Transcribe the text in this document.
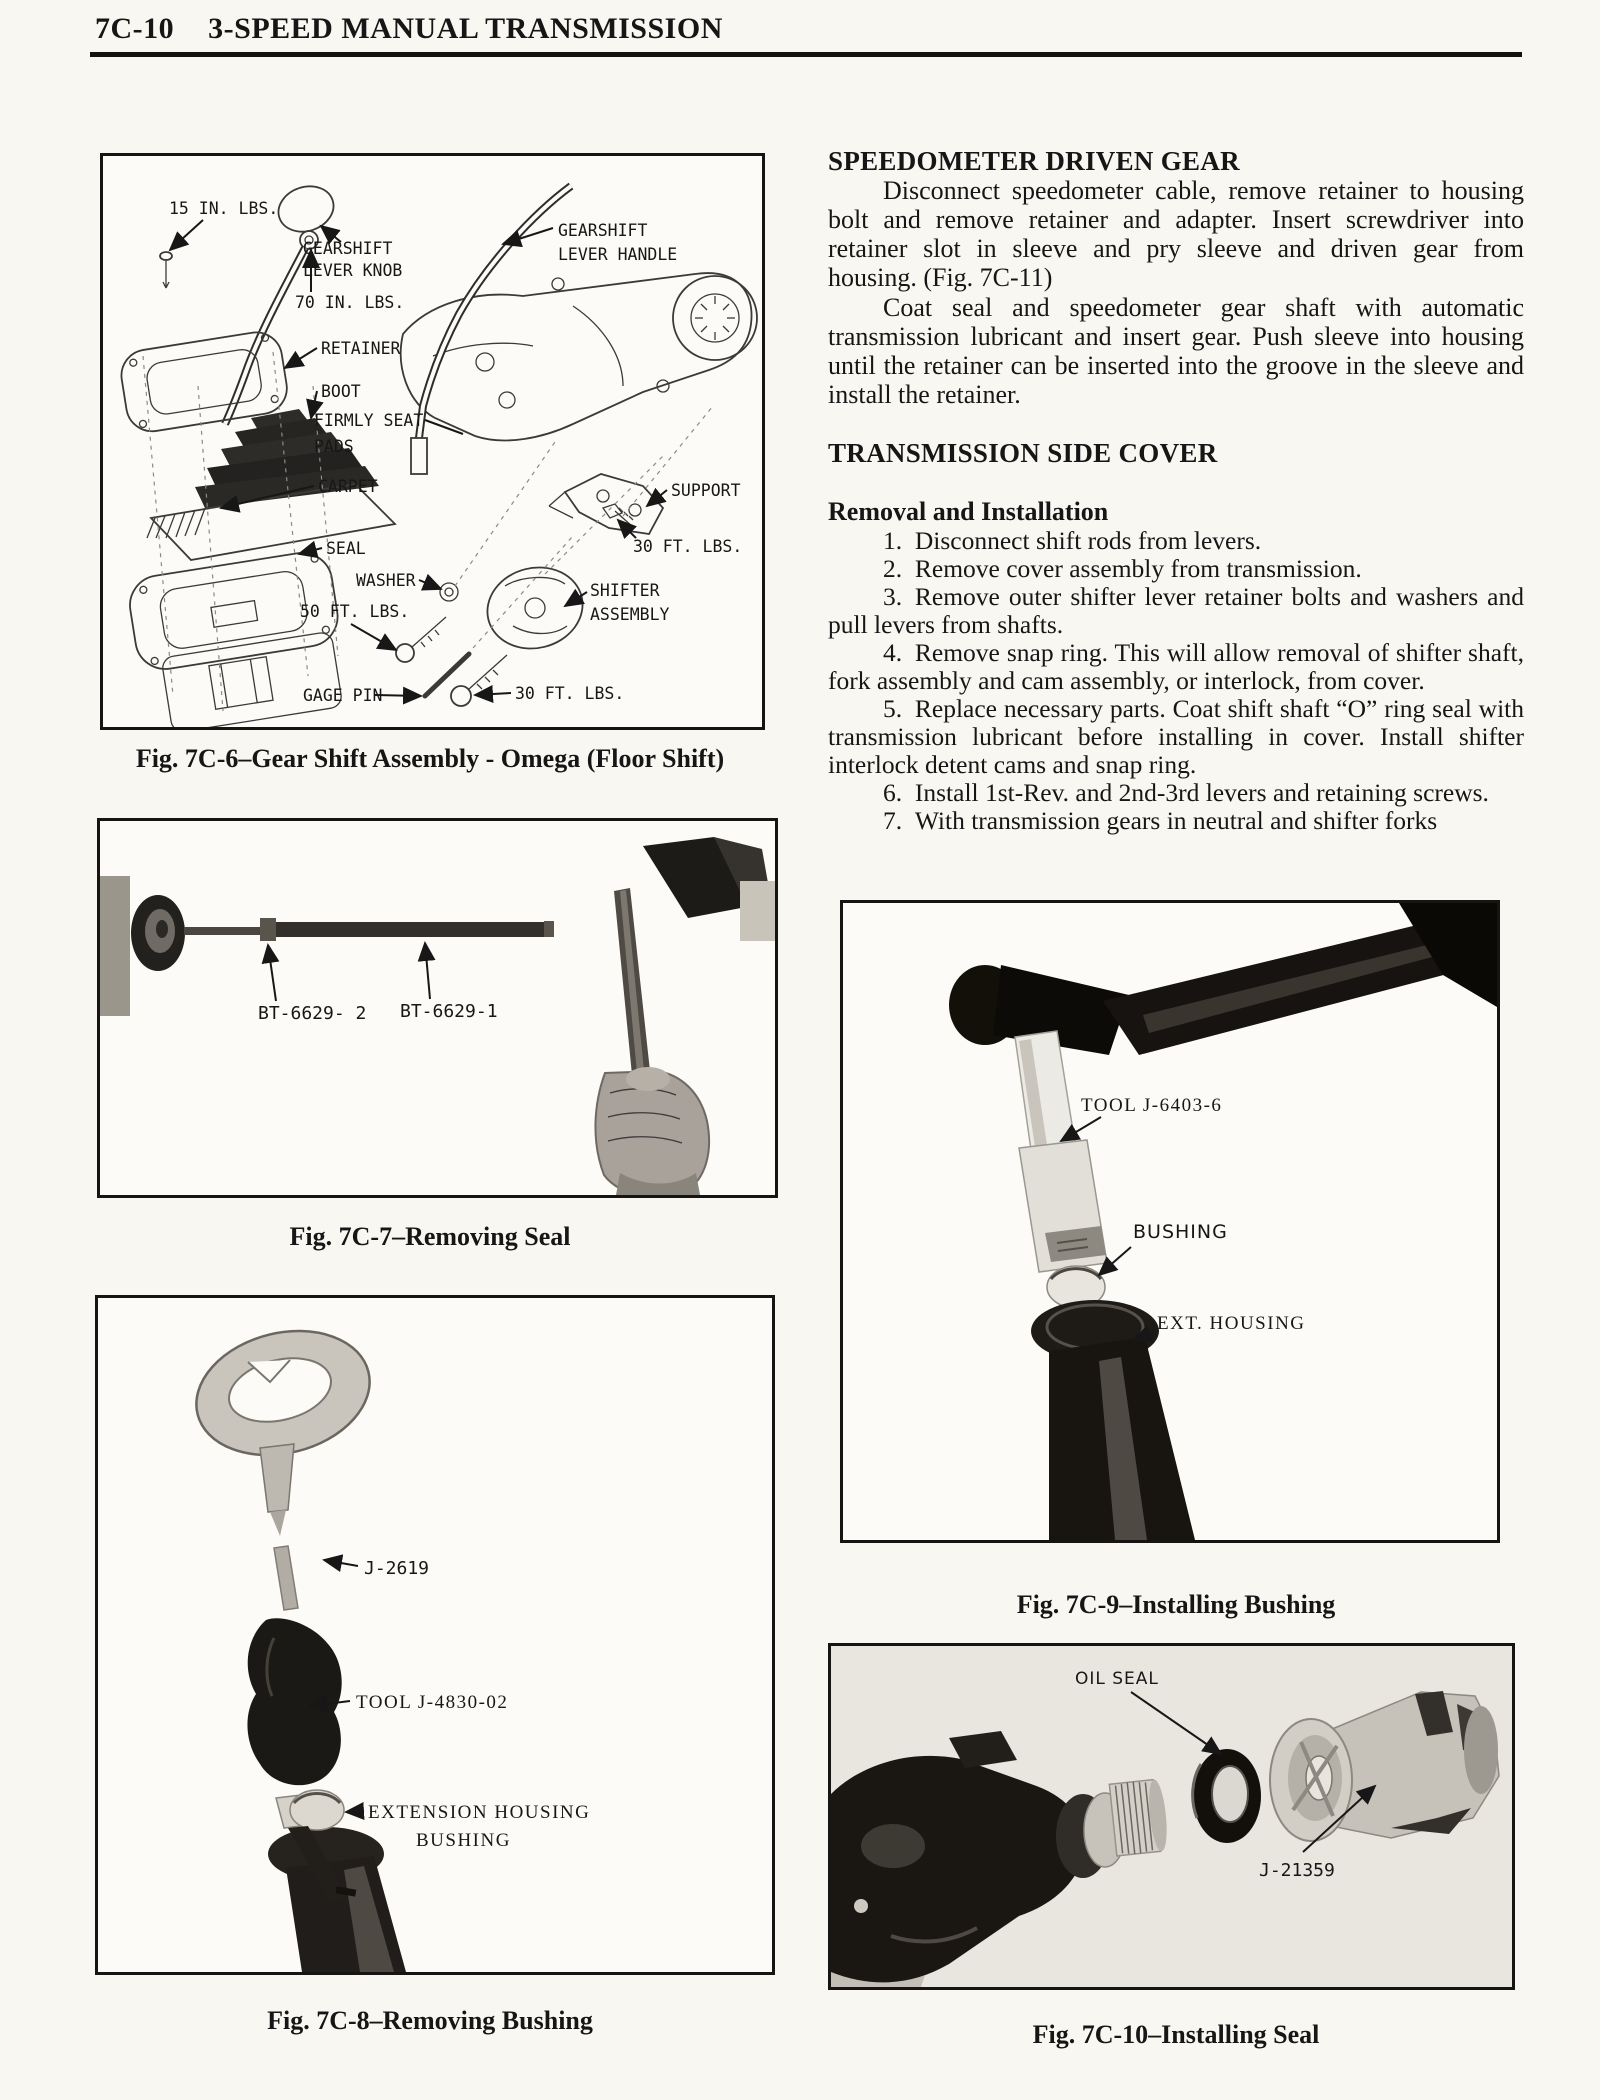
7C-10 3-SPEED MANUAL TRANSMISSION
15 IN. LBS.
GEARSHIFT
LEVER KNOB
70 IN. LBS.
RETAINER
BOOT
FIRMLY SEAT
PADS
CARPET
SEAL
WASHER
50 FT. LBS.
GAGE PIN
GEARSHIFT
LEVER HANDLE
SUPPORT
30 FT. LBS.
SHIFTER
ASSEMBLY
30 FT. LBS.
Fig. 7C-6–Gear Shift Assembly - Omega (Floor Shift)
BT-6629- 2 BT-6629-1
Fig. 7C-7–Removing Seal
J-2619
TOOL J-4830-02
EXTENSION HOUSING
BUSHING
Fig. 7C-8–Removing Bushing
SPEEDOMETER DRIVEN GEAR

Disconnect speedometer cable, remove retainer to housing bolt and remove retainer and adapter. Insert screwdriver into retainer slot in sleeve and pry sleeve and driven gear from housing. (Fig. 7C-11)

Coat seal and speedometer gear shaft with automatic transmission lubricant and insert gear. Push sleeve into housing until the retainer can be inserted into the groove in the sleeve and install the retainer.

TRANSMISSION SIDE COVER
Removal and Installation

1. Disconnect shift rods from levers.

2. Remove cover assembly from transmission.

3. Remove outer shifter lever retainer bolts and washers and pull levers from shafts.

4. Remove snap ring. This will allow removal of shifter shaft, fork assembly and cam assembly, or interlock, from cover.

5. Replace necessary parts. Coat shift shaft “O” ring seal with transmission lubricant before installing in cover. Install shifter interlock detent cams and snap ring.

6. Install 1st-Rev. and 2nd-3rd levers and retaining screws.

7. With transmission gears in neutral and shifter forks

TOOL J-6403-6
BUSHING
EXT. HOUSING
Fig. 7C-9–Installing Bushing
OIL SEAL
J-21359
Fig. 7C-10–Installing Seal
